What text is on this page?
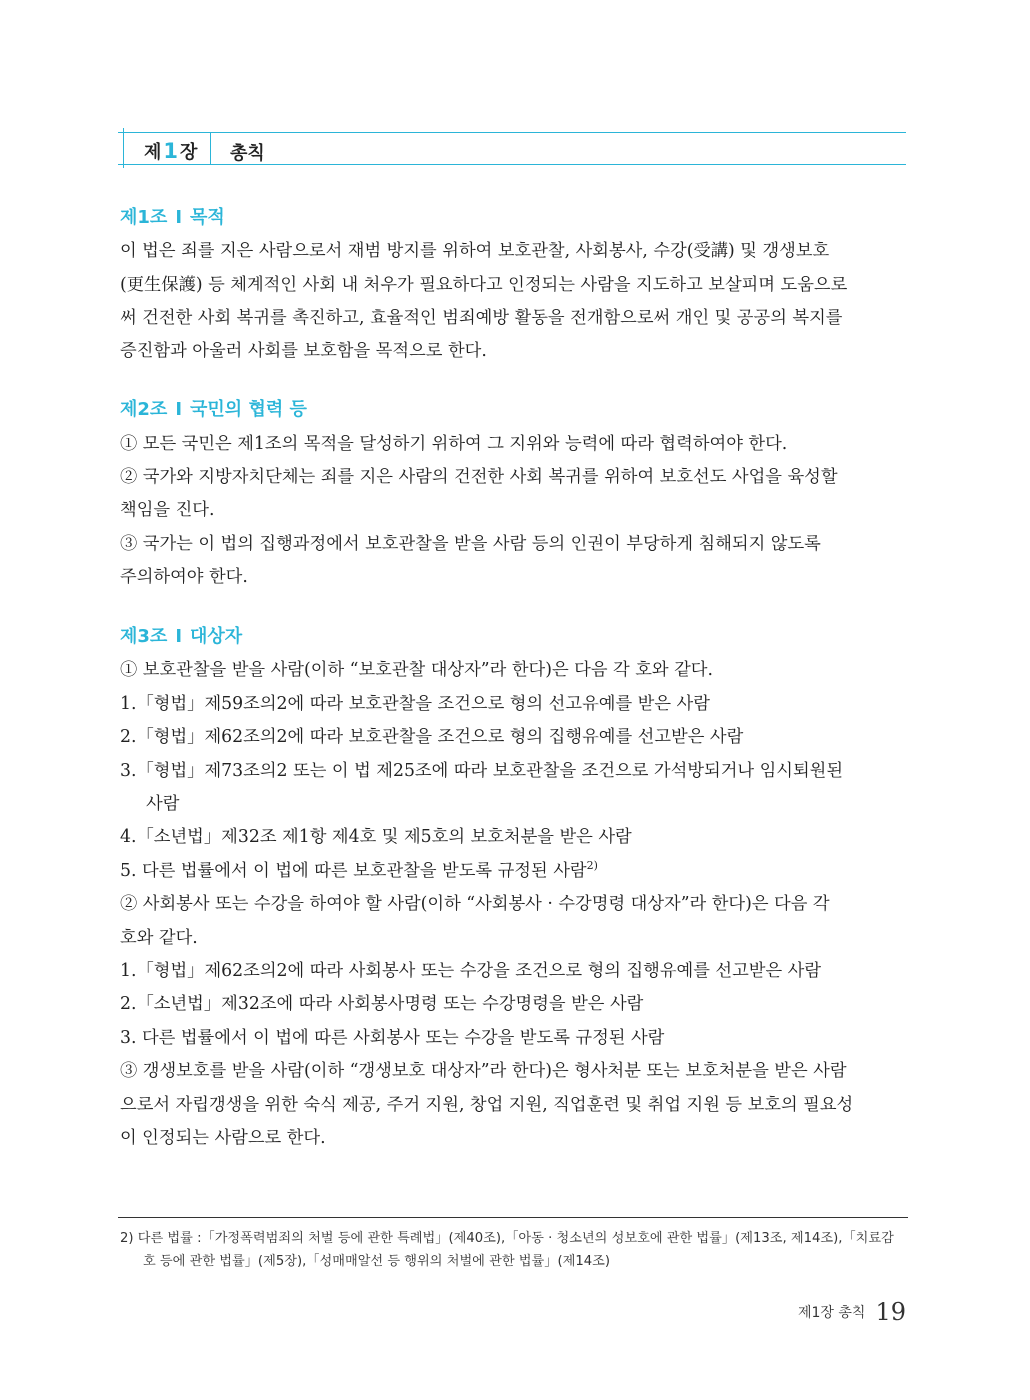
제1 장 총칙
제1조 I 목적
이 법은 죄를 지은 사람으로서 재범 방지를 위하여 보호관찰, 사회봉사, 수강(受講) 및 갱생보호
(更生保護) 등 체계적인 사회 내 처우가 필요하다고 인정되는 사람을 지도하고 보살피며 도움으로
써 건전한 사회 복귀를 촉진하고, 효율적인 범죄예방 활동을 전개함으로써 개인 및 공공의 복지를
증진함과 아울러 사회를 보호함을 목적으로 한다.
제2조 I 국민의 협력 등
① 모든 국민은 제1조의 목적을 달성하기 위하여 그 지위와 능력에 따라 협력하여야 한다.
② 국가와 지방자치단체는 죄를 지은 사람의 건전한 사회 복귀를 위하여 보호선도 사업을 육성할
책임을 진다.
③ 국가는 이 법의 집행과정에서 보호관찰을 받을 사람 등의 인권이 부당하게 침해되지 않도록
주의하여야 한다.
제3조 I 대상자
① 보호관찰을 받을 사람(이하 “보호관찰 대상자”라 한다)은 다음 각 호와 같다.
1.「형법」제59조의2에 따라 보호관찰을 조건으로 형의 선고유예를 받은 사람
2.「형법」제62조의2에 따라 보호관찰을 조건으로 형의 집행유예를 선고받은 사람
3.「형법」제73조의2 또는 이 법 제25조에 따라 보호관찰을 조건으로 가석방되거나 임시퇴원된
사람
4.「소년법」제32조 제1항 제4호 및 제5호의 보호처분을 받은 사람
5. 다른 법률에서 이 법에 따른 보호관찰을 받도록 규정된 사람$^{2)}$
② 사회봉사 또는 수강을 하여야 할 사람(이하 “사회봉사 · 수강명령 대상자”라 한다)은 다음 각
호와 같다.
1.「형법」제62조의2에 따라 사회봉사 또는 수강을 조건으로 형의 집행유예를 선고받은 사람
2.「소년법」제32조에 따라 사회봉사명령 또는 수강명령을 받은 사람
3. 다른 법률에서 이 법에 따른 사회봉사 또는 수강을 받도록 규정된 사람
③ 갱생보호를 받을 사람(이하 “갱생보호 대상자”라 한다)은 형사처분 또는 보호처분을 받은 사람
으로서 자립갱생을 위한 숙식 제공, 주거 지원, 창업 지원, 직업훈련 및 취업 지원 등 보호의 필요성
이 인정되는 사람으로 한다.
2) 다른 법률 :「가정폭력범죄의 처벌 등에 관한 특례법」(제40조),「아동 · 청소년의 성보호에 관한 법률」(제13조, 제14조),「치료감
호 등에 관한 법률」(제5장),「성매매알선 등 행위의 처벌에 관한 법률」(제14조)
제1장 총칙 19
